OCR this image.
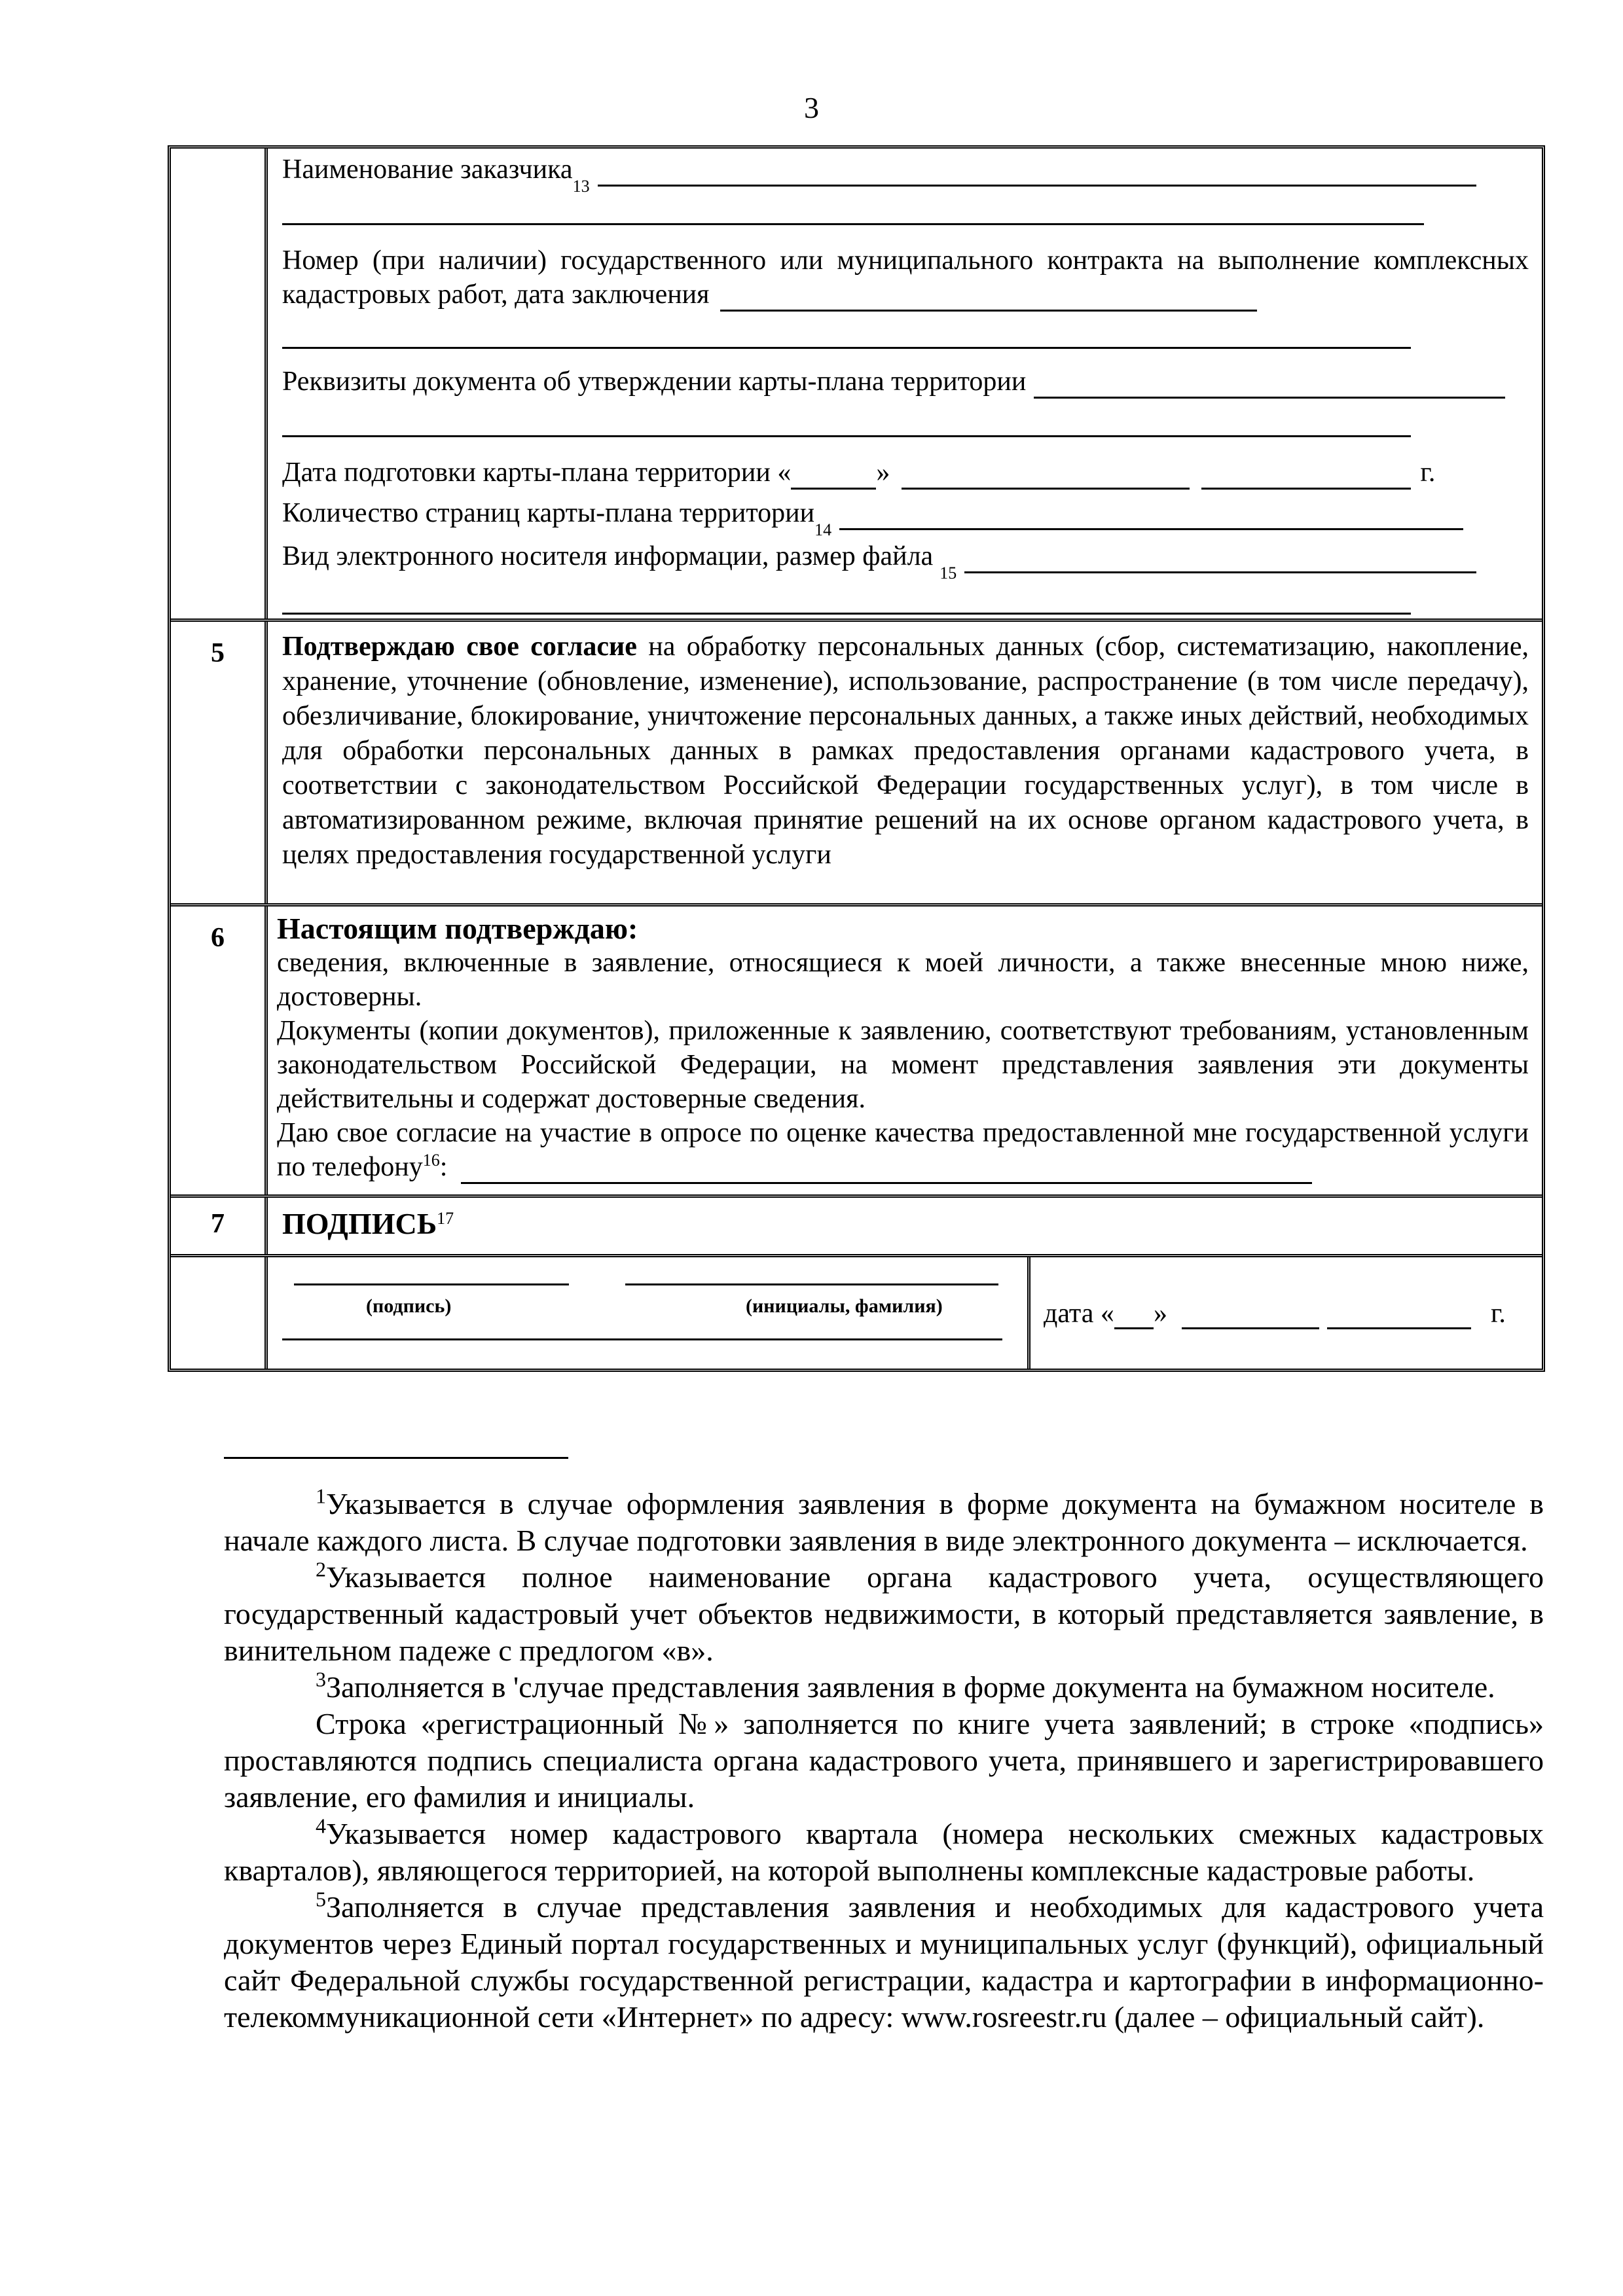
3
Наименование заказчика
13
Номер (при наличии) государственного или муниципального контракта на выполнение комплексных кадастровых работ, дата заключения
Реквизиты документа об утверждении карты-плана территории
Дата подготовки карты-плана территории «	»	г.
Количество страниц карты-плана территории
14
Вид электронного носителя информации, размер файла
15
5	Подтверждаю свое согласие на обработку персональных данных (сбор, систематизацию, накопление, хранение, уточнение (обновление, изменение), использование, распространение (в том числе передачу), обезличивание, блокирование, уничтожение персональных данных, а также иных действий, необходимых для обработки персональных данных в рамках предоставления органами кадастрового учета, в соответствии с законодательством Российской Федерации государственных услуг), в том числе в автоматизированном режиме, включая принятие решений на их основе органом кадастрового учета, в целях предоставления государственной услуги
6	Настоящим подтверждаю:
сведения, включенные в заявление, относящиеся к моей личности, а также внесенные мною ниже, достоверны.
Документы (копии документов), приложенные к заявлению, соответствуют требованиям, установленным законодательством Российской Федерации, на момент представления заявления эти документы действительны и содержат достоверные сведения.
Даю свое согласие на участие в опросе по оценке качества предоставленной мне государственной услуги по телефону$^{16}$:
7	ПОДПИСЬ$^{17}$
(подпись)	(инициалы, фамилия)	дата « »	г.

$^1$Указывается в случае оформления заявления в форме документа на бумажном носителе в начале каждого листа. В случае подготовки заявления в виде электронного документа – исключается.

$^2$Указывается полное наименование органа кадастрового учета, осуществляющего государственный кадастровый учет объектов недвижимости, в который представляется заявление, в винительном падеже с предлогом «в».

$^3$Заполняется в 'случае представления заявления в форме документа на бумажном носителе.

Строка «регистрационный №» заполняется по книге учета заявлений; в строке «подпись» проставляются подпись специалиста органа кадастрового учета, принявшего и зарегистрировавшего заявление, его фамилия и инициалы.

$^4$Указывается номер кадастрового квартала (номера нескольких смежных кадастровых кварталов), являющегося территорией, на которой выполнены комплексные кадастровые работы.

$^5$Заполняется в случае представления заявления и необходимых для кадастрового учета документов через Единый портал государственных и муниципальных услуг (функций), официальный сайт Федеральной службы государственной регистрации, кадастра и картографии в информационно-телекоммуникационной сети «Интернет» по адресу: www.rosreestr.ru (далее – официальный сайт).
